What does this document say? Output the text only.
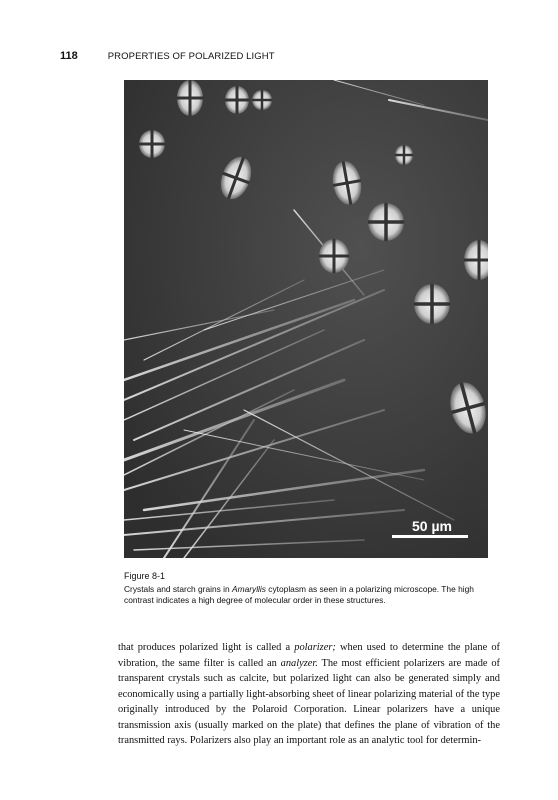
118	PROPERTIES OF POLARIZED LIGHT
50 µm
Figure 8-1
Crystals and starch grains in Amaryllis cytoplasm as seen in a polarizing microscope. The high contrast indicates a high degree of molecular order in these structures.
that produces polarized light is called a polarizer; when used to determine the plane of vibration, the same filter is called an analyzer. The most efficient polarizers are made of transparent crystals such as calcite, but polarized light can also be generated simply and economically using a partially light-absorbing sheet of linear polarizing material of the type originally introduced by the Polaroid Corporation. Linear polarizers have a unique transmission axis (usually marked on the plate) that defines the plane of vibration of the transmitted rays. Polarizers also play an important role as an analytic tool for determin-
